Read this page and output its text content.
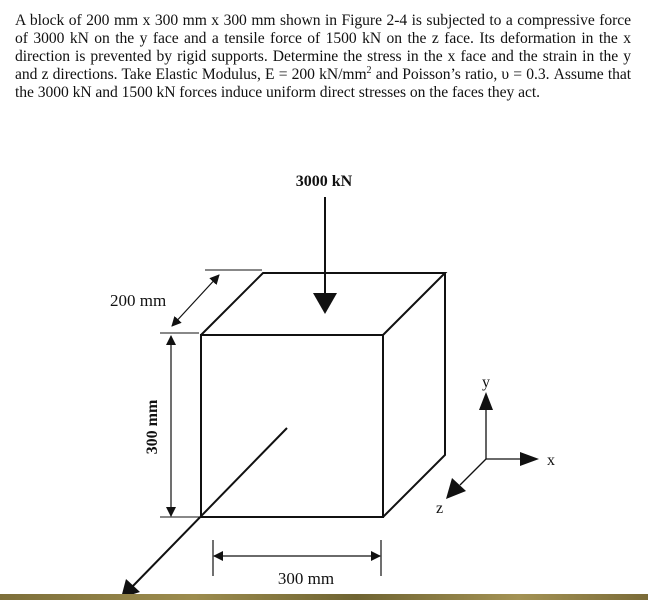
A block of 200 mm x 300 mm x 300 mm shown in Figure 2-4 is subjected to a compressive force of 3000 kN on the y face and a tensile force of 1500 kN on the z face. Its deformation in the x direction is prevented by rigid supports. Determine the stress in the x face and the strain in the y and z directions. Take Elastic Modulus, E = 200 $kN/mm^2$ and Poisson’s ratio, υ = 0.3. Assume that the 3000 kN and 1500 kN forces induce uniform direct stresses on the faces they act.
3000 kN
200 mm
300 mm
300 mm
y
x
z
